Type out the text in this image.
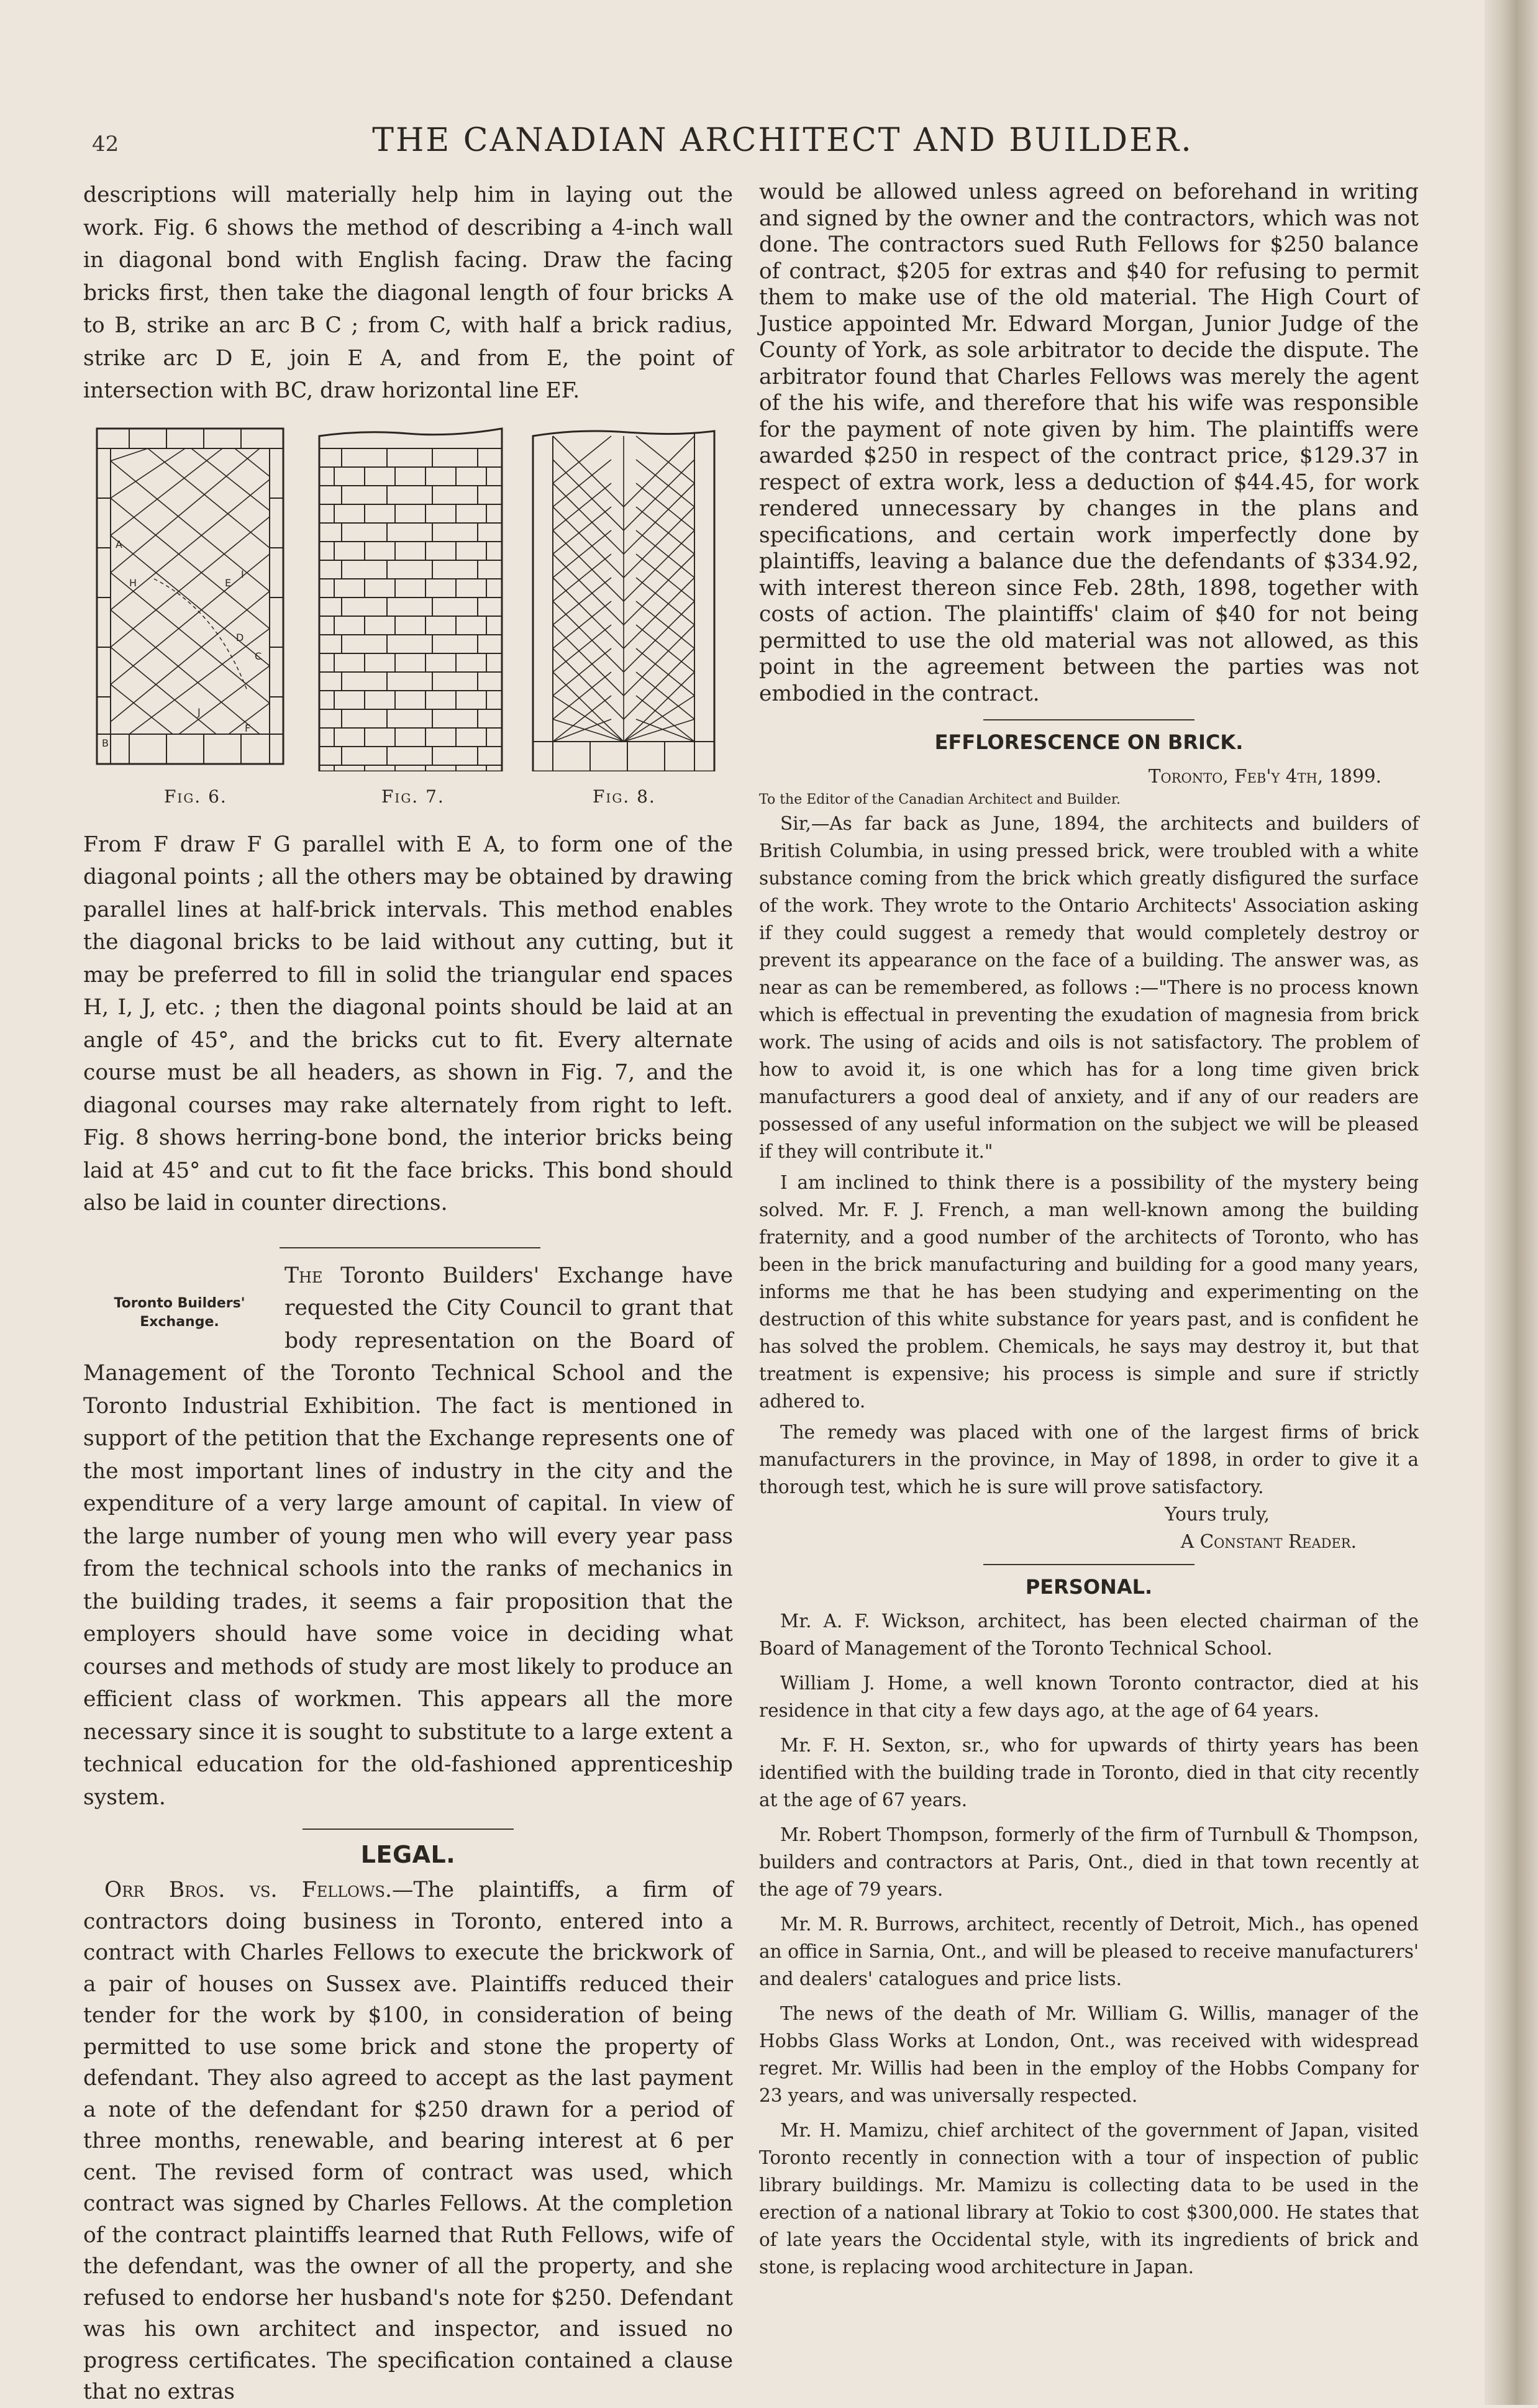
42	THE CANADIAN ARCHITECT AND BUILDER.

descriptions will materially help him in laying out the work. Fig. 6 shows the method of describing a 4-inch wall in diagonal bond with English facing. Draw the facing bricks first, then take the diagonal length of four bricks A to B, strike an arc B C ; from C, with half a brick radius, strike arc D E, join E A, and from E, the point of intersection with BC, draw horizontal line EF.

A
B
C
D
E
F
H
I
J
Fig. 6.	Fig. 7.	Fig. 8.

From F draw F G parallel with E A, to form one of the diagonal points ; all the others may be obtained by drawing parallel lines at half-brick intervals. This method enables the diagonal bricks to be laid without any cutting, but it may be preferred to fill in solid the triangular end spaces H, I, J, etc. ; then the diagonal points should be laid at an angle of 45°, and the bricks cut to fit. Every alternate course must be all headers, as shown in Fig. 7, and the diagonal courses may rake alternately from right to left. Fig. 8 shows herring-bone bond, the interior bricks being laid at 45° and cut to fit the face bricks. This bond should also be laid in counter directions.

Toronto Builders' Exchange.

The Toronto Builders' Exchange have requested the City Council to grant that body representation on the Board of Management of the Toronto Technical School and the Toronto Industrial Exhibition. The fact is mentioned in support of the petition that the Exchange represents one of the most important lines of industry in the city and the expenditure of a very large amount of capital. In view of the large number of young men who will every year pass from the technical schools into the ranks of mechanics in the building trades, it seems a fair proposition that the employers should have some voice in deciding what courses and methods of study are most likely to produce an efficient class of workmen. This appears all the more necessary since it is sought to substitute to a large extent a technical education for the old-fashioned apprenticeship system.

LEGAL.

Orr Bros. vs. Fellows.—The plaintiffs, a firm of contractors doing business in Toronto, entered into a contract with Charles Fellows to execute the brickwork of a pair of houses on Sussex ave. Plaintiffs reduced their tender for the work by $100, in consideration of being permitted to use some brick and stone the property of defendant. They also agreed to accept as the last payment a note of the defendant for $250 drawn for a period of three months, renewable, and bearing interest at 6 per cent. The revised form of contract was used, which contract was signed by Charles Fellows. At the completion of the contract plaintiffs learned that Ruth Fellows, wife of the defendant, was the owner of all the property, and she refused to endorse her husband's note for $250. Defendant was his own architect and inspector, and issued no progress certificates. The specification contained a clause that no extras

would be allowed unless agreed on beforehand in writing and signed by the owner and the contractors, which was not done. The contractors sued Ruth Fellows for $250 balance of contract, $205 for extras and $40 for refusing to permit them to make use of the old material. The High Court of Justice appointed Mr. Edward Morgan, Junior Judge of the County of York, as sole arbitrator to decide the dispute. The arbitrator found that Charles Fellows was merely the agent of the his wife, and therefore that his wife was responsible for the payment of note given by him. The plaintiffs were awarded $250 in respect of the contract price, $129.37 in respect of extra work, less a deduction of $44.45, for work rendered unnecessary by changes in the plans and specifications, and certain work imperfectly done by plaintiffs, leaving a balance due the defendants of $334.92, with interest thereon since Feb. 28th, 1898, together with costs of action. The plaintiffs' claim of $40 for not being permitted to use the old material was not allowed, as this point in the agreement between the parties was not embodied in the contract.

EFFLORESCENCE ON BRICK.

Toronto, Feb'y 4th, 1899.

To the Editor of the Canadian Architect and Builder.

Sir,—As far back as June, 1894, the architects and builders of British Columbia, in using pressed brick, were troubled with a white substance coming from the brick which greatly disfigured the surface of the work. They wrote to the Ontario Architects' Association asking if they could suggest a remedy that would completely destroy or prevent its appearance on the face of a building. The answer was, as near as can be remembered, as follows :—"There is no process known which is effectual in preventing the exudation of magnesia from brick work. The using of acids and oils is not satisfactory. The problem of how to avoid it, is one which has for a long time given brick manufacturers a good deal of anxiety, and if any of our readers are possessed of any useful information on the subject we will be pleased if they will contribute it."

I am inclined to think there is a possibility of the mystery being solved. Mr. F. J. French, a man well-known among the building fraternity, and a good number of the architects of Toronto, who has been in the brick manufacturing and building for a good many years, informs me that he has been studying and experimenting on the destruction of this white substance for years past, and is confident he has solved the problem. Chemicals, he says may destroy it, but that treatment is expensive; his process is simple and sure if strictly adhered to.

The remedy was placed with one of the largest firms of brick manufacturers in the province, in May of 1898, in order to give it a thorough test, which he is sure will prove satisfactory.

Yours truly,

A Constant Reader.

PERSONAL.

Mr. A. F. Wickson, architect, has been elected chairman of the Board of Management of the Toronto Technical School.

William J. Home, a well known Toronto contractor, died at his residence in that city a few days ago, at the age of 64 years.

Mr. F. H. Sexton, sr., who for upwards of thirty years has been identified with the building trade in Toronto, died in that city recently at the age of 67 years.

Mr. Robert Thompson, formerly of the firm of Turnbull & Thompson, builders and contractors at Paris, Ont., died in that town recently at the age of 79 years.

Mr. M. R. Burrows, architect, recently of Detroit, Mich., has opened an office in Sarnia, Ont., and will be pleased to receive manufacturers' and dealers' catalogues and price lists.

The news of the death of Mr. William G. Willis, manager of the Hobbs Glass Works at London, Ont., was received with widespread regret. Mr. Willis had been in the employ of the Hobbs Company for 23 years, and was universally respected.

Mr. H. Mamizu, chief architect of the government of Japan, visited Toronto recently in connection with a tour of inspection of public library buildings. Mr. Mamizu is collecting data to be used in the erection of a national library at Tokio to cost $300,000. He states that of late years the Occidental style, with its ingredients of brick and stone, is replacing wood architecture in Japan.
